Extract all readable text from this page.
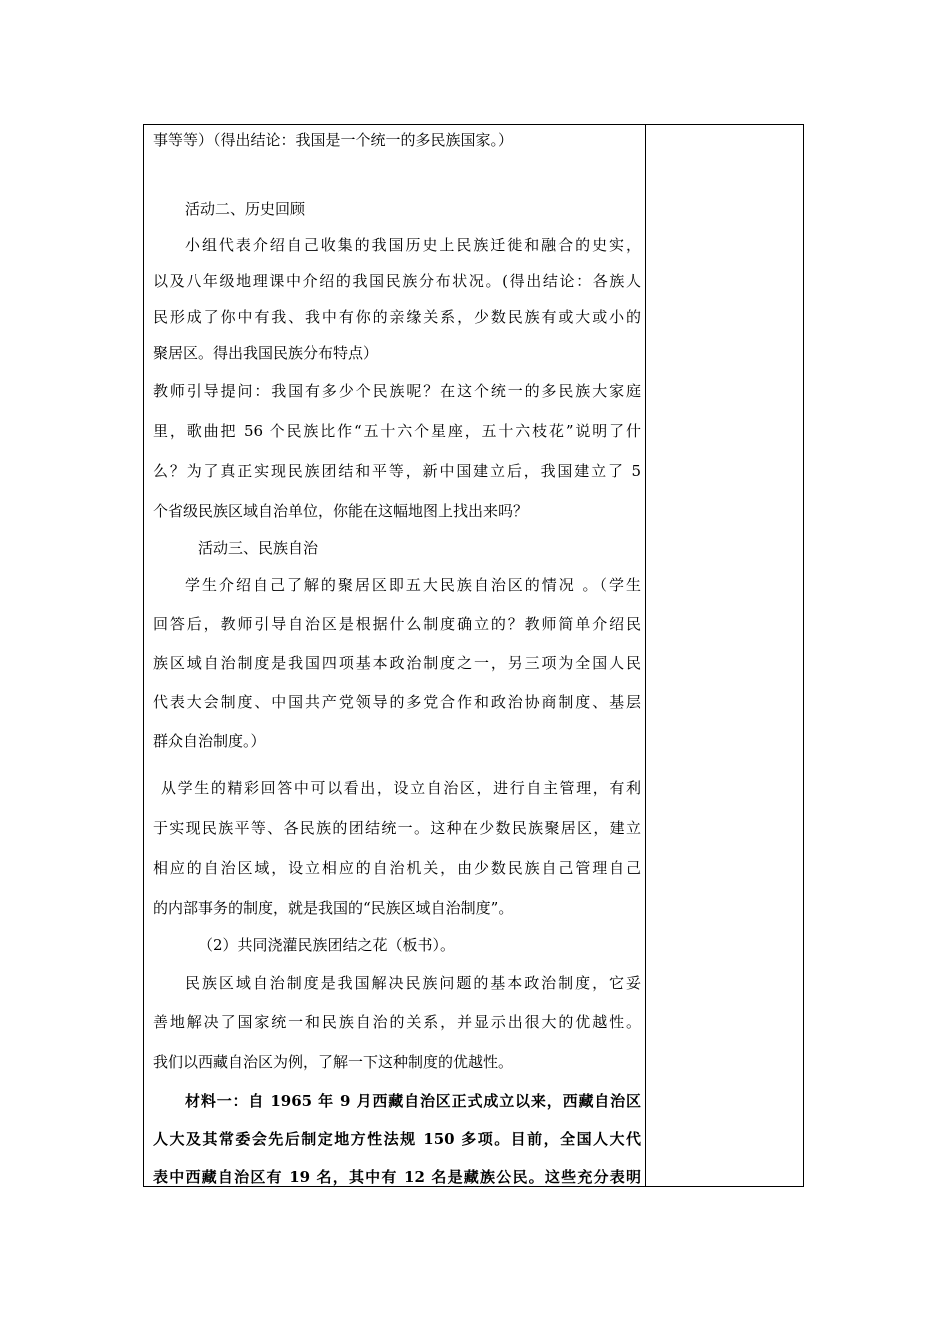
事等等）（得出结论：我国是一个统一的多民族国家。）
活动二、历史回顾
小组代表介绍自己收集的我国历史上民族迁徙和融合的史实，
以及八年级地理课中介绍的我国民族分布状况。(得出结论：各族人
民形成了你中有我、我中有你的亲缘关系，少数民族有或大或小的
聚居区。得出我国民族分布特点）
教师引导提问：我国有多少个民族呢？在这个统一的多民族大家庭
里，歌曲把 56 个民族比作“五十六个星座，五十六枝花”说明了什
么？为了真正实现民族团结和平等，新中国建立后，我国建立了 5
个省级民族区域自治单位，你能在这幅地图上找出来吗？
活动三、民族自治
学生介绍自己了解的聚居区即五大民族自治区的情况 。（学生
回答后，教师引导自治区是根据什么制度确立的？教师简单介绍民
族区域自治制度是我国四项基本政治制度之一，另三项为全国人民
代表大会制度、中国共产党领导的多党合作和政治协商制度、基层
群众自治制度。）
从学生的精彩回答中可以看出，设立自治区，进行自主管理，有利
于实现民族平等、各民族的团结统一。这种在少数民族聚居区，建立
相应的自治区域，设立相应的自治机关，由少数民族自己管理自己
的内部事务的制度，就是我国的“民族区域自治制度”。
（2）共同浇灌民族团结之花（板书）。
民族区域自治制度是我国解决民族问题的基本政治制度，它妥
善地解决了国家统一和民族自治的关系，并显示出很大的优越性。
我们以西藏自治区为例，了解一下这种制度的优越性。
材料一：自 1965 年 9 月西藏自治区正式成立以来，西藏自治区
人大及其常委会先后制定地方性法规 150 多项。目前，全国人大代
表中西藏自治区有 19 名，其中有 12 名是藏族公民。这些充分表明
